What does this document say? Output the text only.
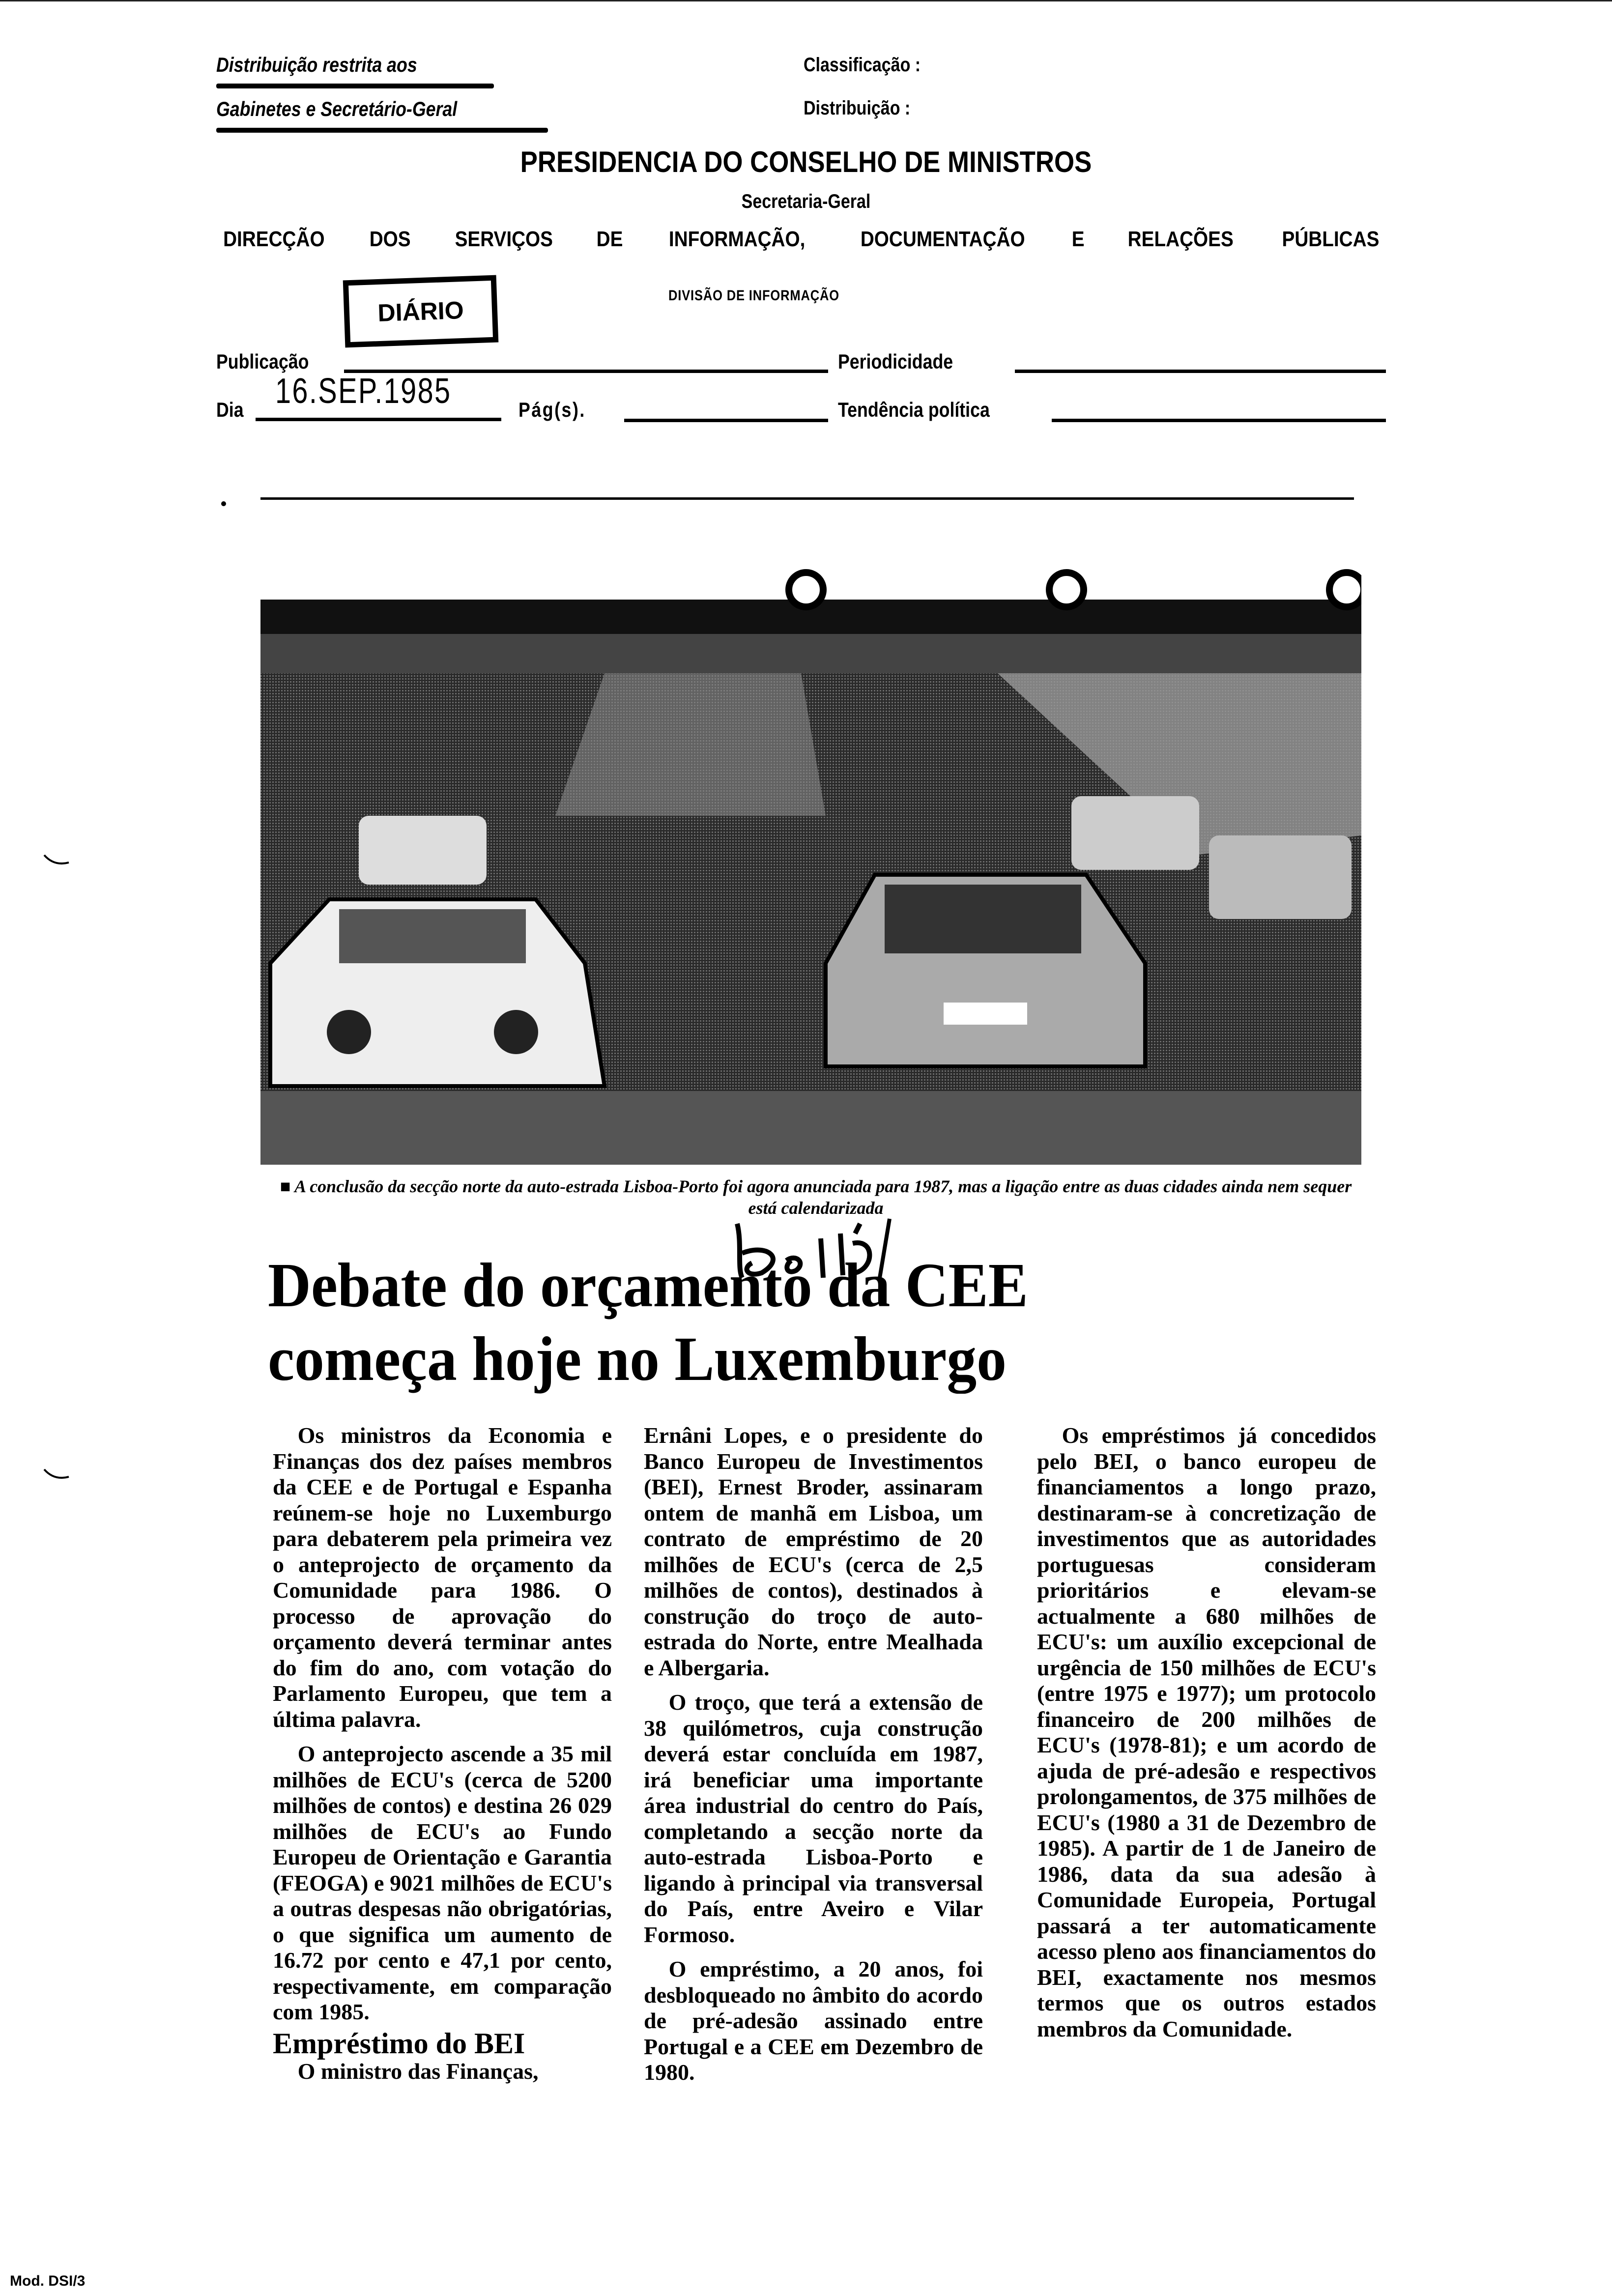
Distribuição restrita aos
Gabinetes e Secretário-Geral
Classificação :
Distribuição :
PRESIDENCIA DO CONSELHO DE MINISTROS
Secretaria-Geral
DIRECÇÃO DOS SERVIÇOS DE INFORMAÇÃO,	DOCUMENTAÇÃO E RELAÇÕES PÚBLICAS
DIÁRIO
DIVISÃO DE INFORMAÇÃO
Publicação	Periodicidade
Dia 16.SEP.1985	Pág(s).	Tendência política
■ A conclusão da secção norte da auto-estrada Lisboa-Porto foi agora anunciada para 1987, mas a ligação entre as duas cidades ainda nem sequer está calendarizada
Debate do orçamento da CEE
começa hoje no Luxemburgo

Os ministros da Economia e Finanças dos dez países membros da CEE e de Portugal e Espanha reúnem-se hoje no Luxemburgo para debaterem pela primeira vez o anteprojecto de orçamento da Comunidade para 1986. O processo de aprovação do orçamento deverá terminar antes do fim do ano, com votação do Parlamento Europeu, que tem a última palavra.

O anteprojecto ascende a 35 mil milhões de ECU's (cerca de 5200 milhões de contos) e destina 26 029 milhões de ECU's ao Fundo Europeu de Orientação e Garantia (FEOGA) e 9021 milhões de ECU's a outras despesas não obrigatórias, o que significa um aumento de 16.72 por cento e 47,1 por cento, respectivamente, em comparação com 1985.

Empréstimo do BEI

O ministro das Finanças,

Ernâni Lopes, e o presidente do Banco Europeu de Investimentos (BEI), Ernest Broder, assinaram ontem de manhã em Lisboa, um contrato de empréstimo de 20 milhões de ECU's (cerca de 2,5 milhões de contos), destinados à construção do troço de auto-estrada do Norte, entre Mealhada e Albergaria.

O troço, que terá a extensão de 38 quilómetros, cuja construção deverá estar concluída em 1987, irá beneficiar uma importante área industrial do centro do País, completando a secção norte da auto-estrada Lisboa-Porto e ligando à principal via transversal do País, entre Aveiro e Vilar Formoso.

O empréstimo, a 20 anos, foi desbloqueado no âmbito do acordo de pré-adesão assinado entre Portugal e a CEE em Dezembro de 1980.

Os empréstimos já concedidos pelo BEI, o banco europeu de financiamentos a longo prazo, destinaram-se à concretização de investimentos que as autoridades portuguesas consideram prioritários e elevam-se actualmente a 680 milhões de ECU's: um auxílio excepcional de urgência de 150 milhões de ECU's (entre 1975 e 1977); um protocolo financeiro de 200 milhões de ECU's (1978-81); e um acordo de ajuda de pré-adesão e respectivos prolongamentos, de 375 milhões de ECU's (1980 a 31 de Dezembro de 1985). A partir de 1 de Janeiro de 1986, data da sua adesão à Comunidade Europeia, Portugal passará a ter automaticamente acesso pleno aos financiamentos do BEI, exactamente nos mesmos termos que os outros estados membros da Comunidade.

Mod. DSI/3
